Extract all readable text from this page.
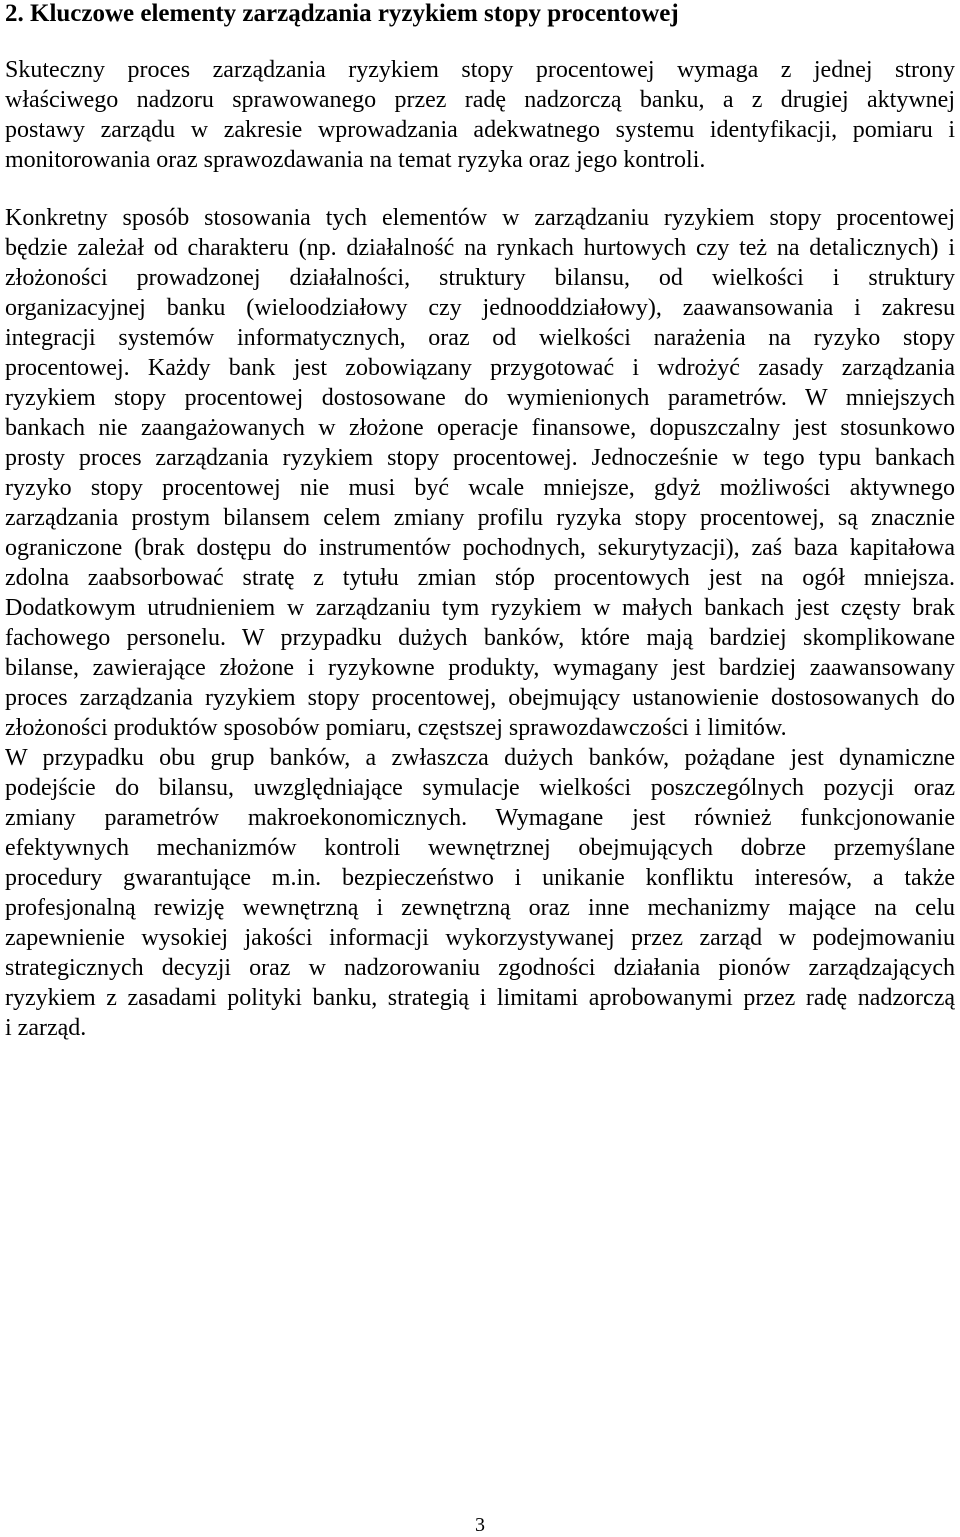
2. Kluczowe elementy zarządzania ryzykiem stopy procentowej
Skuteczny proces zarządzania ryzykiem stopy procentowej wymaga z jednej strony
właściwego nadzoru sprawowanego przez radę nadzorczą banku, a z drugiej aktywnej
postawy zarządu w zakresie wprowadzania adekwatnego systemu identyfikacji, pomiaru i
monitorowania oraz sprawozdawania na temat ryzyka oraz jego kontroli.
Konkretny sposób stosowania tych elementów w zarządzaniu ryzykiem stopy procentowej
będzie zależał od charakteru (np. działalność na rynkach hurtowych czy też na detalicznych) i
złożoności prowadzonej działalności, struktury bilansu, od wielkości i struktury
organizacyjnej banku (wieloodziałowy czy jednooddziałowy), zaawansowania i zakresu
integracji systemów informatycznych, oraz od wielkości narażenia na ryzyko stopy
procentowej. Każdy bank jest zobowiązany przygotować i wdrożyć zasady zarządzania
ryzykiem stopy procentowej dostosowane do wymienionych parametrów. W mniejszych
bankach nie zaangażowanych w złożone operacje finansowe, dopuszczalny jest stosunkowo
prosty proces zarządzania ryzykiem stopy procentowej. Jednocześnie w tego typu bankach
ryzyko stopy procentowej nie musi być wcale mniejsze, gdyż możliwości aktywnego
zarządzania prostym bilansem celem zmiany profilu ryzyka stopy procentowej, są znacznie
ograniczone (brak dostępu do instrumentów pochodnych, sekurytyzacji), zaś baza kapitałowa
zdolna zaabsorbować stratę z tytułu zmian stóp procentowych jest na ogół mniejsza.
Dodatkowym utrudnieniem w zarządzaniu tym ryzykiem w małych bankach jest częsty brak
fachowego personelu. W przypadku dużych banków, które mają bardziej skomplikowane
bilanse, zawierające złożone i ryzykowne produkty, wymagany jest bardziej zaawansowany
proces zarządzania ryzykiem stopy procentowej, obejmujący ustanowienie dostosowanych do
złożoności produktów sposobów pomiaru, częstszej sprawozdawczości i limitów.
W przypadku obu grup banków, a zwłaszcza dużych banków, pożądane jest dynamiczne
podejście do bilansu, uwzględniające symulacje wielkości poszczególnych pozycji oraz
zmiany parametrów makroekonomicznych. Wymagane jest również funkcjonowanie
efektywnych mechanizmów kontroli wewnętrznej obejmujących dobrze przemyślane
procedury gwarantujące m.in. bezpieczeństwo i unikanie konfliktu interesów, a także
profesjonalną rewizję wewnętrzną i zewnętrzną oraz inne mechanizmy mające na celu
zapewnienie wysokiej jakości informacji wykorzystywanej przez zarząd w podejmowaniu
strategicznych decyzji oraz w nadzorowaniu zgodności działania pionów zarządzających
ryzykiem z zasadami polityki banku, strategią i limitami aprobowanymi przez radę nadzorczą
i zarząd.
3
